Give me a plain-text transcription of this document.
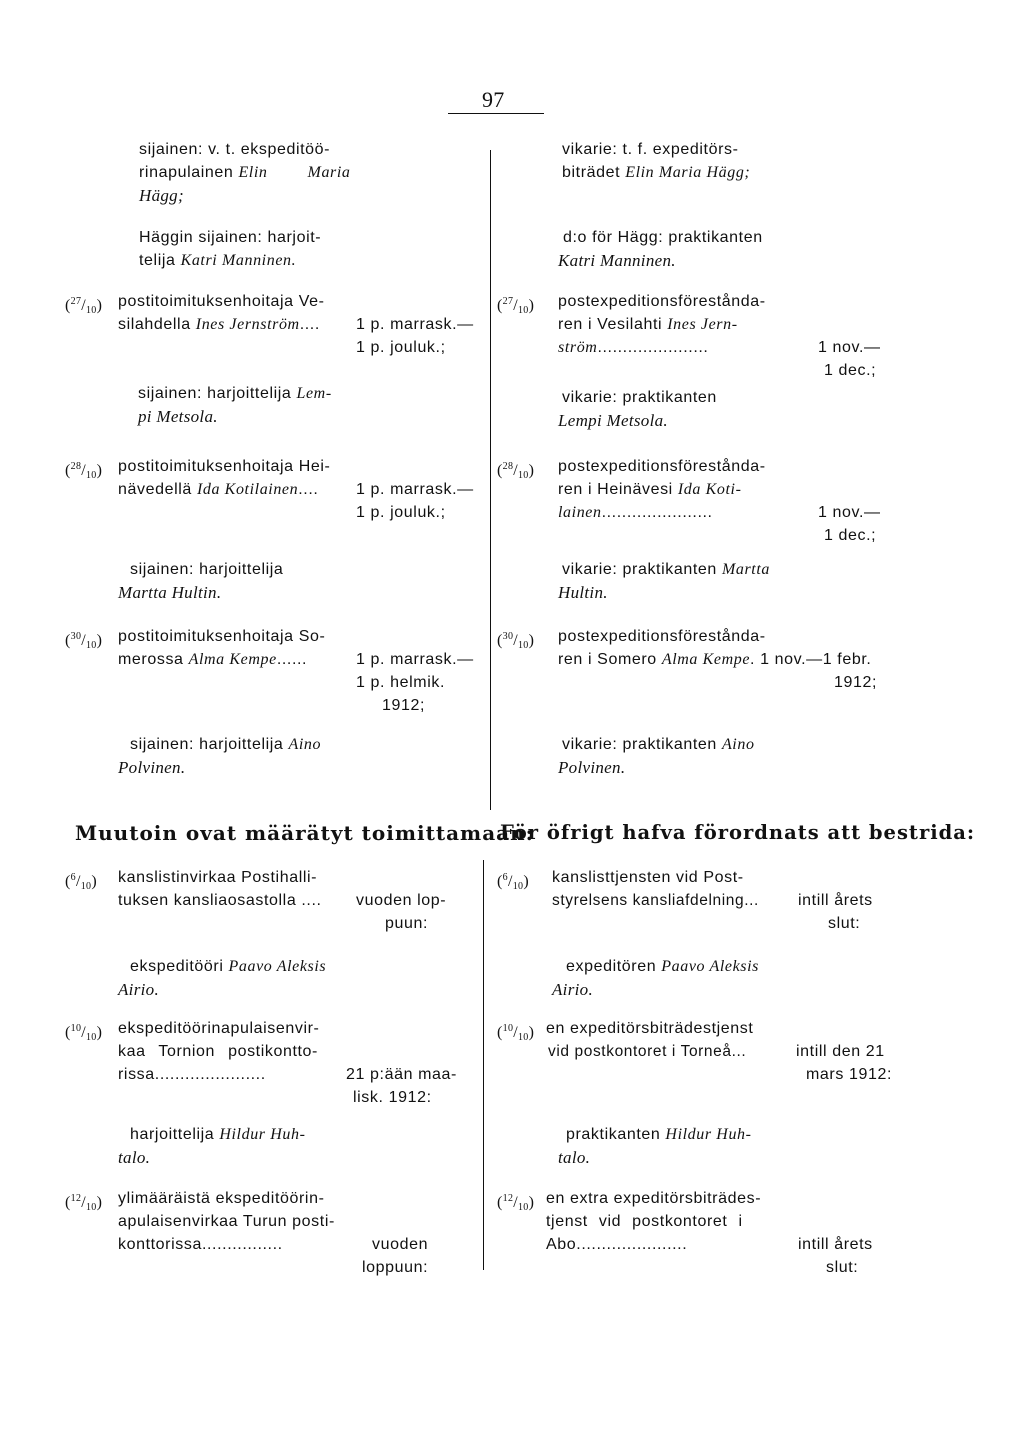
97
sijainen: v. t. ekspeditöö-
rinapulainen Elin	Maria
Hägg;
Häggin sijainen: harjoit-
telija Katri Manninen.
vikarie: t. f. expeditörs-
biträdet Elin Maria Hägg;
d:o för Hägg: praktikanten
Katri Manninen.
$(^{27}/_{10})$ postitoimituksenhoitaja Ve-
silahdella Ines Jernström.... 1 p. marrask.—
1 p. jouluk.;
sijainen: harjoittelija Lem-
pi Metsola.
$(^{27}/_{10})$ postexpeditionsförestånda-
ren i Vesilahti Ines Jern-
ström......................	1 nov.—
1 dec.;
vikarie: praktikanten
Lempi Metsola.
$(^{28}/_{10})$ postitoimituksenhoitaja Hei-
nävedellä Ida Kotilainen.... 1 p. marrask.—
1 p. jouluk.;
sijainen: harjoittelija
Martta Hultin.
$(^{28}/_{10})$ postexpeditionsförestånda-
ren i Heinävesi Ida Koti-
lainen......................	1 nov.—
1 dec.;
vikarie: praktikanten Martta
Hultin.
$(^{30}/_{10})$ postitoimituksenhoitaja So-
merossa Alma Kempe......	1 p. marrask.—
1 p. helmik.
1912;
sijainen: harjoittelija Aino
Polvinen.
$(^{30}/_{10})$ postexpeditionsförestånda-
ren i Somero Alma Kempe. 1 nov.—1 febr.
1912;
vikarie: praktikanten Aino
Polvinen.
Muutoin ovat määrätyt toimittamaan:
För öfrigt hafva förordnats att bestrida:
$(^6/_{10})$ kanslistinvirkaa Postihalli-
tuksen kansliaosastolla .... vuoden lop-
puun:
ekspeditööri Paavo Aleksis
Airio.
$(^6/_{10})$ kanslisttjensten vid Post-
styrelsens kansliafdelning... intill årets
slut:
expeditören Paavo Aleksis
Airio.
$(^{10}/_{10})$ ekspeditöörinapulaisenvir-
kaa Tornion postikontto-
rissa......................	21 p:ään maa-
lisk. 1912:
harjoittelija Hildur Huh-
talo.
$(^{10}/_{10})$ en expeditörsbiträdestjenst
vid postkontoret i Torneå...	intill den 21
mars 1912:
praktikanten Hildur Huh-
talo.
$(^{12}/_{10})$ ylimääräistä ekspeditöörin-
apulaisenvirkaa Turun posti-
konttorissa................	vuoden
loppuun:
$(^{12}/_{10})$ en extra expeditörsbiträdes-
tjenst vid postkontoret i
Abo......................	intill årets
slut:
